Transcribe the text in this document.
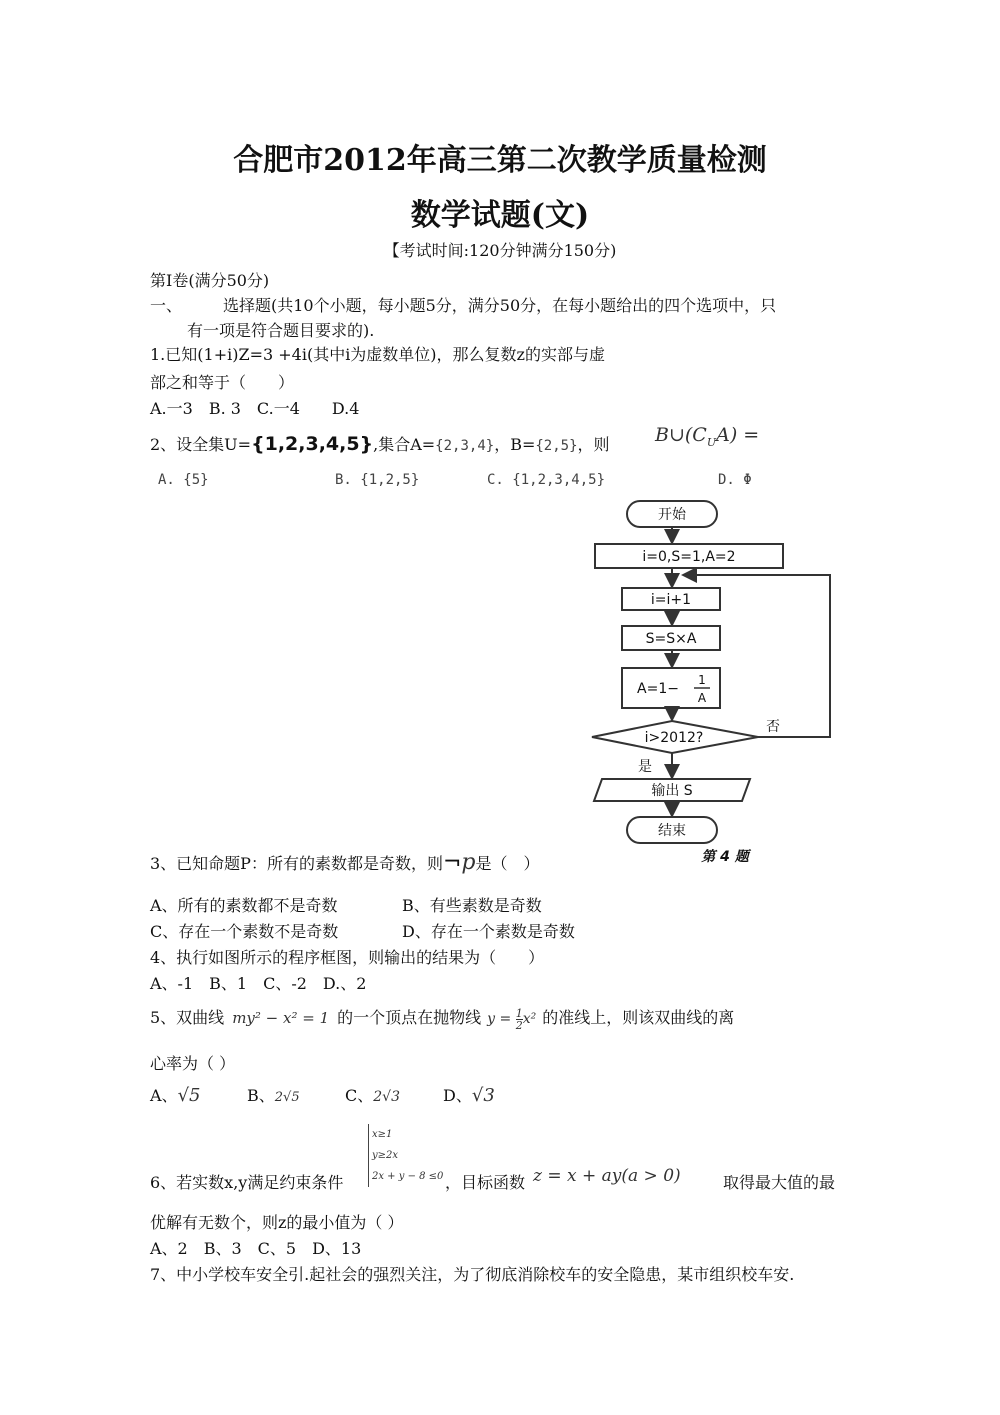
合肥市2012年高三第二次教学质量检测
数学试题(文)
【考试时间:120分钟满分150分)
第I卷(满分50分)
一、	选择题(共10个小题，每小题5分，满分50分，在每小题给出的四个选项中，只
有一项是符合题目要求的).
1.已知(1+i)Z=3 +4i(其中i为虚数单位)，那么复数z的实部与虚
部之和等于（　　）
A.一3　B. 3　C.一4　　D.4
2、设全集U={1,2,3,4,5},集合A={2,3,4}，B={2,5}，则 $B\cup(C_UA)$ =
A. {5}	B. {1,2,5}	C. {1,2,3,4,5}	D. Φ
开始
i=0,S=1,A=2
i=i+1
S=S×A
A=1−
1
A
i>2012?
否
是
输出 S
结束
第 4 题
3、已知命题P：所有的素数都是奇数，则¬p是（　）
A、所有的素数都不是奇数	B、有些素数是奇数
C、存在一个素数不是奇数	D、存在一个素数是奇数
4、执行如图所示的程序框图，则输出的结果为（　　）
A、-1　B、1　C、-2　D.、2
5、双曲线 my² − x² = 1 的一个顶点在抛物线 $y = \frac{1}{2} x^2$ 的准线上，则该双曲线的离
心率为（ ）
A、√5	B、2√5	C、2√3	D、√3
x≥1
y≥2x
2x + y − 8 ≤0
6、若实数x,y满足约束条件	，目标函数 z = x + ay(a > 0)	取得最大值的最
优解有无数个，则z的最小值为（ ）
A、2　B、3　C、5　D、13
7、中小学校车安全引.起社会的强烈关注，为了彻底消除校车的安全隐患，某市组织校车安.
